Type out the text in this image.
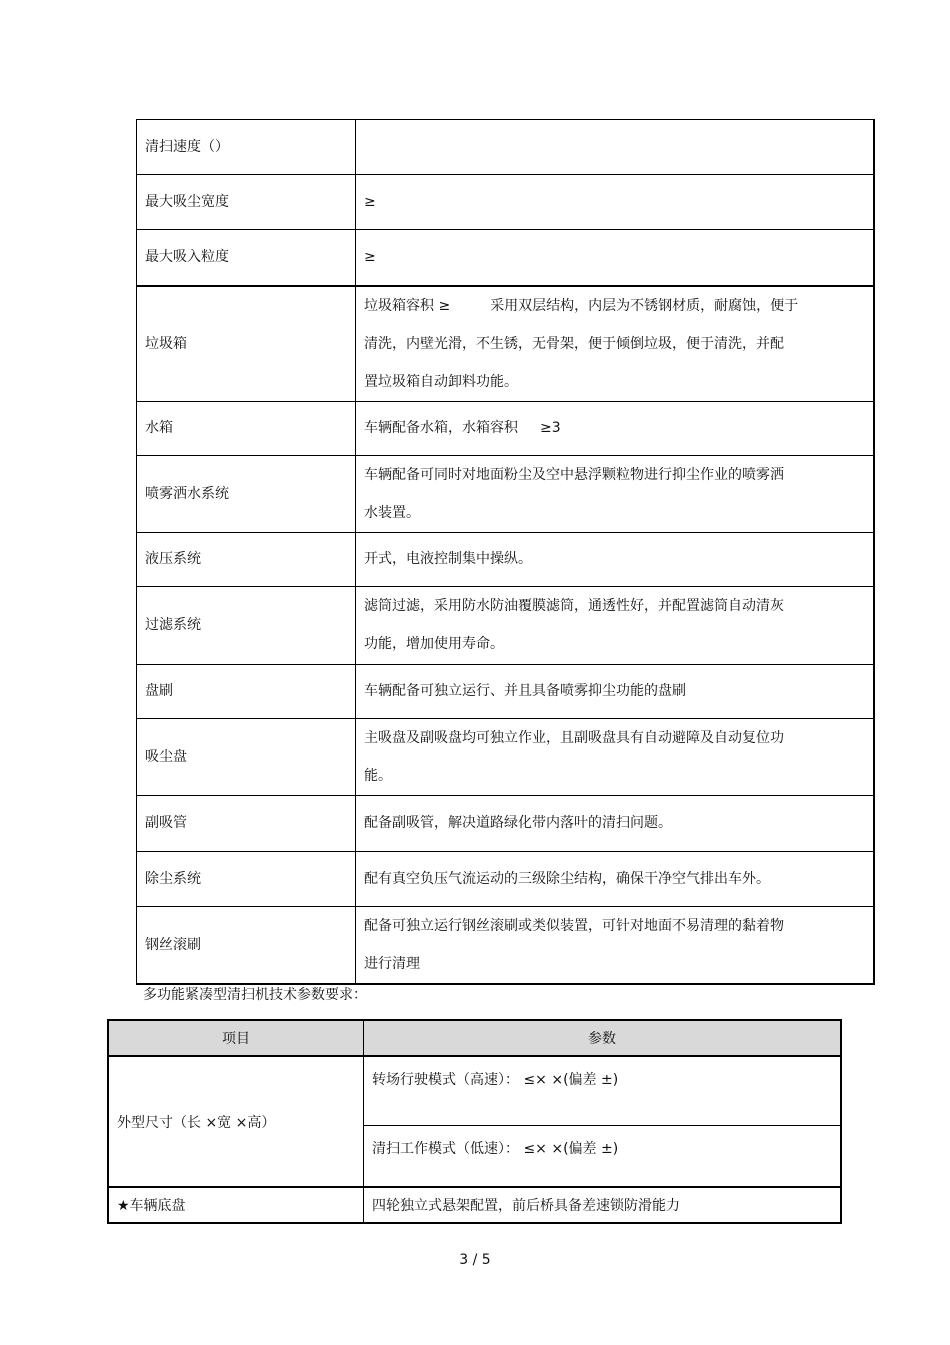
清扫速度（）	
最大吸尘宽度	≥
最大吸入粒度	≥
垃圾箱	垃圾箱容积 ≥ 采用双层结构，内层为不锈钢材质，耐腐蚀，便于
清洗，内壁光滑，不生锈，无骨架，便于倾倒垃圾，便于清洗，并配
置垃圾箱自动卸料功能。
水箱	车辆配备水箱，水箱容积 ≥3
喷雾洒水系统	车辆配备可同时对地面粉尘及空中悬浮颗粒物进行抑尘作业的喷雾洒
水装置。
液压系统	开式，电液控制集中操纵。
过滤系统	滤筒过滤，采用防水防油覆膜滤筒，通透性好，并配置滤筒自动清灰
功能，增加使用寿命。
盘刷	车辆配备可独立运行、并且具备喷雾抑尘功能的盘刷
吸尘盘	主吸盘及副吸盘均可独立作业，且副吸盘具有自动避障及自动复位功
能。
副吸管	配备副吸管，解决道路绿化带内落叶的清扫问题。
除尘系统	配有真空负压气流运动的三级除尘结构，确保干净空气排出车外。
钢丝滚刷	配备可独立运行钢丝滚刷或类似装置，可针对地面不易清理的黏着物
进行清理
多功能紧凑型清扫机技术参数要求：
项目	参数
外型尺寸（长 ×宽 ×高）	转场行驶模式（高速）： ≤× ×(偏差 ±)
	清扫工作模式（低速）： ≤× ×(偏差 ±)
★车辆底盘	四轮独立式悬架配置，前后桥具备差速锁防滑能力
3 / 5
